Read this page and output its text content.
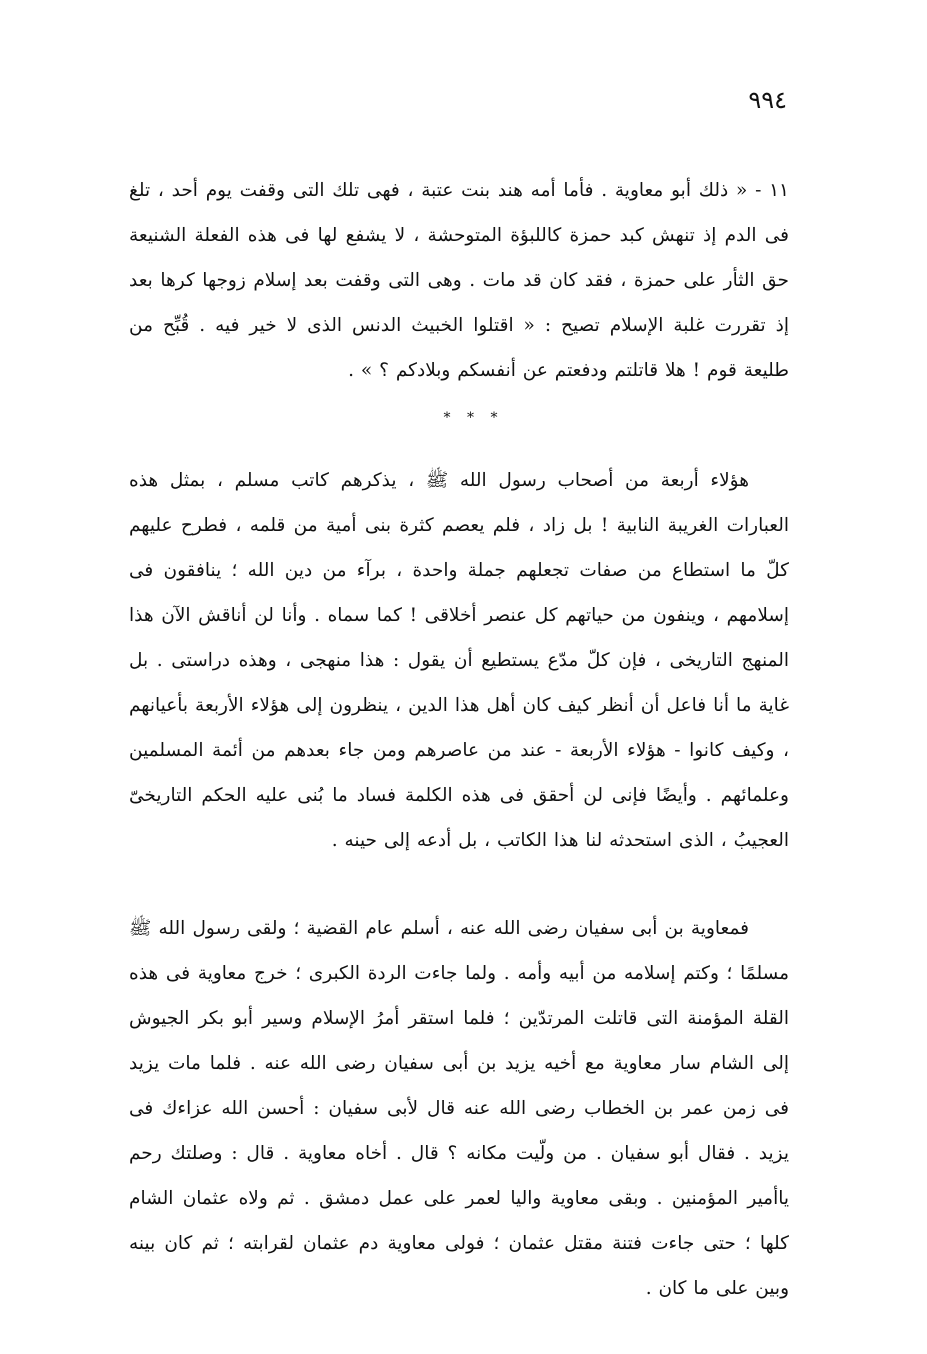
٩٩٤

١١ - « ذلك أبو معاوية . فأما أمه هند بنت عتبة ، فهى تلك التى وقفت يوم أحد ، تلغ فى الدم إذ تنهش كبد حمزة كاللبؤة المتوحشة ، لا يشفع لها فى هذه الفعلة الشنيعة حق الثأر على حمزة ، فقد كان قد مات . وهى التى وقفت بعد إسلام زوجها كرها بعد إذ تقررت غلبة الإسلام تصيح : « اقتلوا الخبيث الدنس الذى لا خير فيه . قُبِّح من طليعة قوم ! هلا قاتلتم ودفعتم عن أنفسكم وبلادكم ؟ » .

* * *

هؤلاء أربعة من أصحاب رسول الله ﷺ ، يذكرهم كاتب مسلم ، بمثل هذه العبارات الغريبة النابية ! بل زاد ، فلم يعصم كثرة بنى أمية من قلمه ، فطرح عليهم كلّ ما استطاع من صفات تجعلهم جملة واحدة ، برآء من دين الله ؛ ينافقون فى إسلامهم ، وينفون من حياتهم كل عنصر أخلاقى ! كما سماه . وأنا لن أناقش الآن هذا المنهج التاريخى ، فإن كلّ مدّع يستطيع أن يقول : هذا منهجى ، وهذه دراستى . بل غاية ما أنا فاعل أن أنظر كيف كان أهل هذا الدين ، ينظرون إلى هؤلاء الأربعة بأعيانهم ، وكيف كانوا - هؤلاء الأربعة - عند من عاصرهم ومن جاء بعدهم من أئمة المسلمين وعلمائهم . وأيضًا فإنى لن أحقق فى هذه الكلمة فساد ما بُنى عليه الحكم التاريخىّ العجيبُ ، الذى استحدثه لنا هذا الكاتب ، بل أدعه إلى حينه .

فمعاوية بن أبى سفيان رضى الله عنه ، أسلم عام القضية ؛ ولقى رسول الله ﷺ مسلمًا ؛ وكتم إسلامه من أبيه وأمه . ولما جاءت الردة الكبرى ؛ خرج معاوية فى هذه القلة المؤمنة التى قاتلت المرتدّين ؛ فلما استقر أمرُ الإسلام وسير أبو بكر الجيوش إلى الشام سار معاوية مع أخيه يزيد بن أبى سفيان رضى الله عنه . فلما مات يزيد فى زمن عمر بن الخطاب رضى الله عنه قال لأبى سفيان : أحسن الله عزاءك فى يزيد . فقال أبو سفيان . من ولّيت مكانه ؟ قال . أخاه معاوية . قال : وصلتك رحم ياأمير المؤمنين . وبقى معاوية واليا لعمر على عمل دمشق . ثم ولاه عثمان الشام كلها ؛ حتى جاءت فتنة مقتل عثمان ؛ فولى معاوية دم عثمان لقرابته ؛ ثم كان بينه وبين على ما كان .
